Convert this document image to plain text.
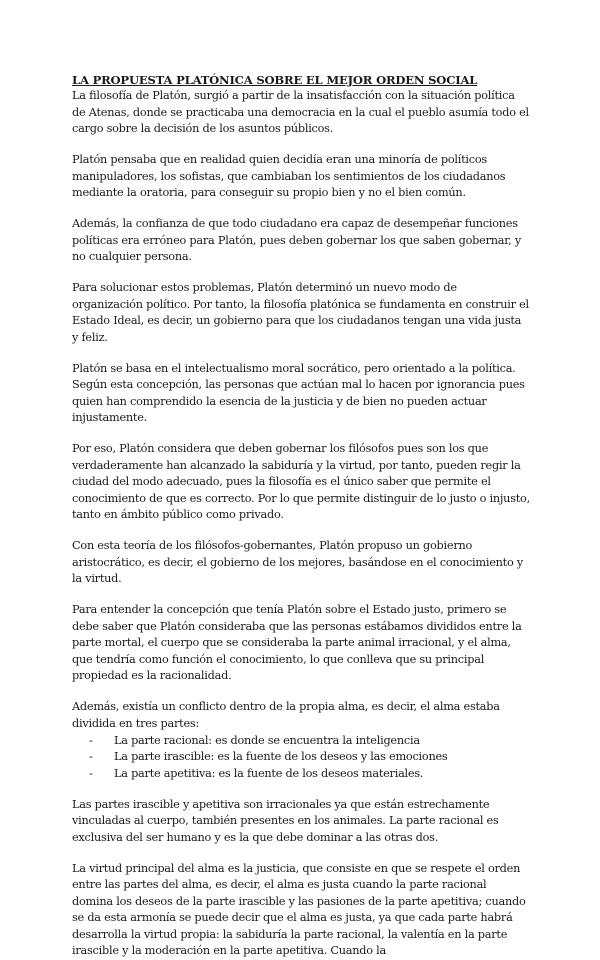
LA PROPUESTA PLATÓNICA SOBRE EL MEJOR ORDEN SOCIAL

La filosofía de Platón, surgió a partir de la insatisfacción con la situación política de Atenas, donde se practicaba una democracia en la cual el pueblo asumía todo el cargo sobre la decisión de los asuntos públicos.

Platón pensaba que en realidad quien decidía eran una minoría de políticos manipuladores, los sofistas, que cambiaban los sentimientos de los ciudadanos mediante la oratoria, para conseguir su propio bien y no el bien común.

Además, la confianza de que todo ciudadano era capaz de desempeñar funciones políticas era erróneo para Platón, pues deben gobernar los que saben gobernar, y no cualquier persona.

Para solucionar estos problemas, Platón determinó un nuevo modo de organización político. Por tanto, la filosofía platónica se fundamenta en construir el Estado Ideal, es decir, un gobierno para que los ciudadanos tengan una vida justa y feliz.

Platón se basa en el intelectualismo moral socrático, pero orientado a la política. Según esta concepción, las personas que actúan mal lo hacen por ignorancia pues quien han comprendido la esencia de la justicia y de bien no pueden actuar injustamente.

Por eso, Platón considera que deben gobernar los filósofos pues son los que verdaderamente han alcanzado la sabiduría y la virtud, por tanto, pueden regir la ciudad del modo adecuado, pues la filosofía es el único saber que permite el conocimiento de que es correcto. Por lo que permite distinguir de lo justo o injusto, tanto en ámbito público como privado.

Con esta teoría de los filósofos-gobernantes, Platón propuso un gobierno aristocrático, es decir, el gobierno de los mejores, basándose en el conocimiento y la virtud.

Para entender la concepción que tenía Platón sobre el Estado justo, primero se debe saber que Platón consideraba que las personas estábamos divididos entre la parte mortal, el cuerpo que se consideraba la parte animal irracional, y el alma, que tendría como función el conocimiento, lo que conlleva que su principal propiedad es la racionalidad.

Además, existía un conflicto dentro de la propia alma, es decir, el alma estaba dividida en tres partes:

- La parte racional: es donde se encuentra la inteligencia
- La parte irascible: es la fuente de los deseos y las emociones
- La parte apetitiva: es la fuente de los deseos materiales.

Las partes irascible y apetitiva son irracionales ya que están estrechamente vinculadas al cuerpo, también presentes en los animales. La parte racional es exclusiva del ser humano y es la que debe dominar a las otras dos.

La virtud principal del alma es la justicia, que consiste en que se respete el orden entre las partes del alma, es decir, el alma es justa cuando la parte racional domina los deseos de la parte irascible y las pasiones de la parte apetitiva; cuando se da esta armonía se puede decir que el alma es justa, ya que cada parte habrá desarrolla la virtud propia: la sabiduría la parte racional, la valentía en la parte irascible y la moderación en la parte apetitiva. Cuando la
